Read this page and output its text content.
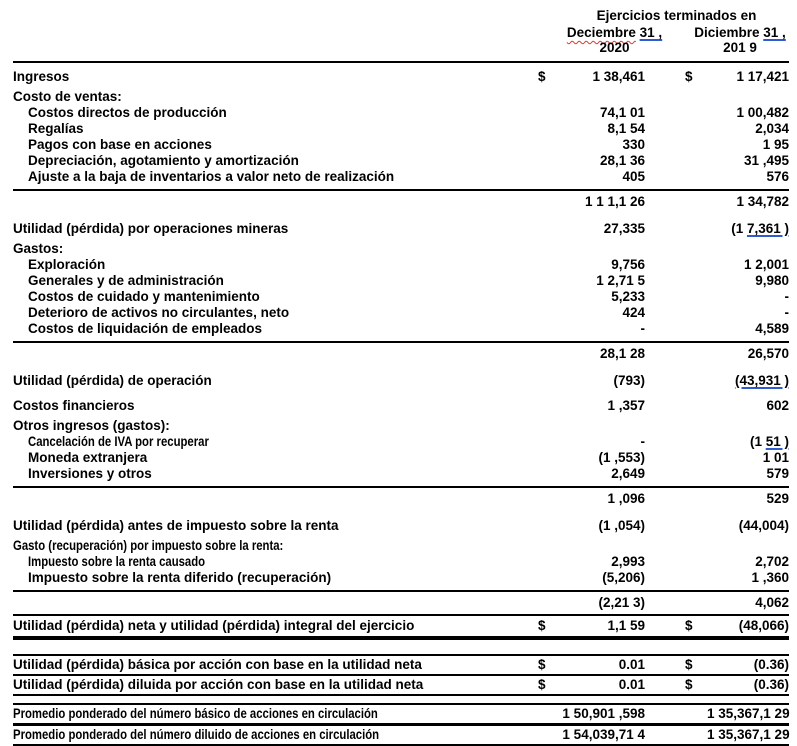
Ejercicios terminados en
Deciembre 31 ,
2020
Diciembre 31 ,
201 9
Ingresos	$	1 38,461	$	1 17,421
Costo de ventas:
Costos directos de producción	74,1 01	1 00,482
Regalías	8,1 54	2,034
Pagos con base en acciones	330	1 95
Depreciación, agotamiento y amortización	28,1 36	31 ,495
Ajuste a la baja de inventarios a valor neto de realización	405	576
1 1 1,1 26	1 34,782
Utilidad (pérdida) por operaciones mineras	27,335	(1 7,361 )
Gastos:
Exploración	9,756	1 2,001
Generales y de administración	1 2,71 5	9,980
Costos de cuidado y mantenimiento	5,233	-
Deterioro de activos no circulantes, neto	424	-
Costos de liquidación de empleados	-	4,589
28,1 28	26,570
Utilidad (pérdida) de operación	(793)	(43,931 )
Costos financieros	1 ,357	602
Otros ingresos (gastos):
Cancelación de IVA por recuperar	-	(1 51 )
Moneda extranjera	(1 ,553)	1 01
Inversiones y otros	2,649	579
1 ,096	529
Utilidad (pérdida) antes de impuesto sobre la renta	(1 ,054)	(44,004)
Gasto (recuperación) por impuesto sobre la renta:
Impuesto sobre la renta causado	2,993	2,702
Impuesto sobre la renta diferido (recuperación)	(5,206)	1 ,360
(2,21 3)	4,062
Utilidad (pérdida) neta y utilidad (pérdida) integral del ejercicio	$	1,1 59	$	(48,066)
Utilidad (pérdida) básica por acción con base en la utilidad neta	$	0.01	$	(0.36)
Utilidad (pérdida) diluida por acción con base en la utilidad neta	$	0.01	$	(0.36)
Promedio ponderado del número básico de acciones en circulación	1 50,901 ,598	1 35,367,1 29
Promedio ponderado del número diluido de acciones en circulación	1 54,039,71 4	1 35,367,1 29
